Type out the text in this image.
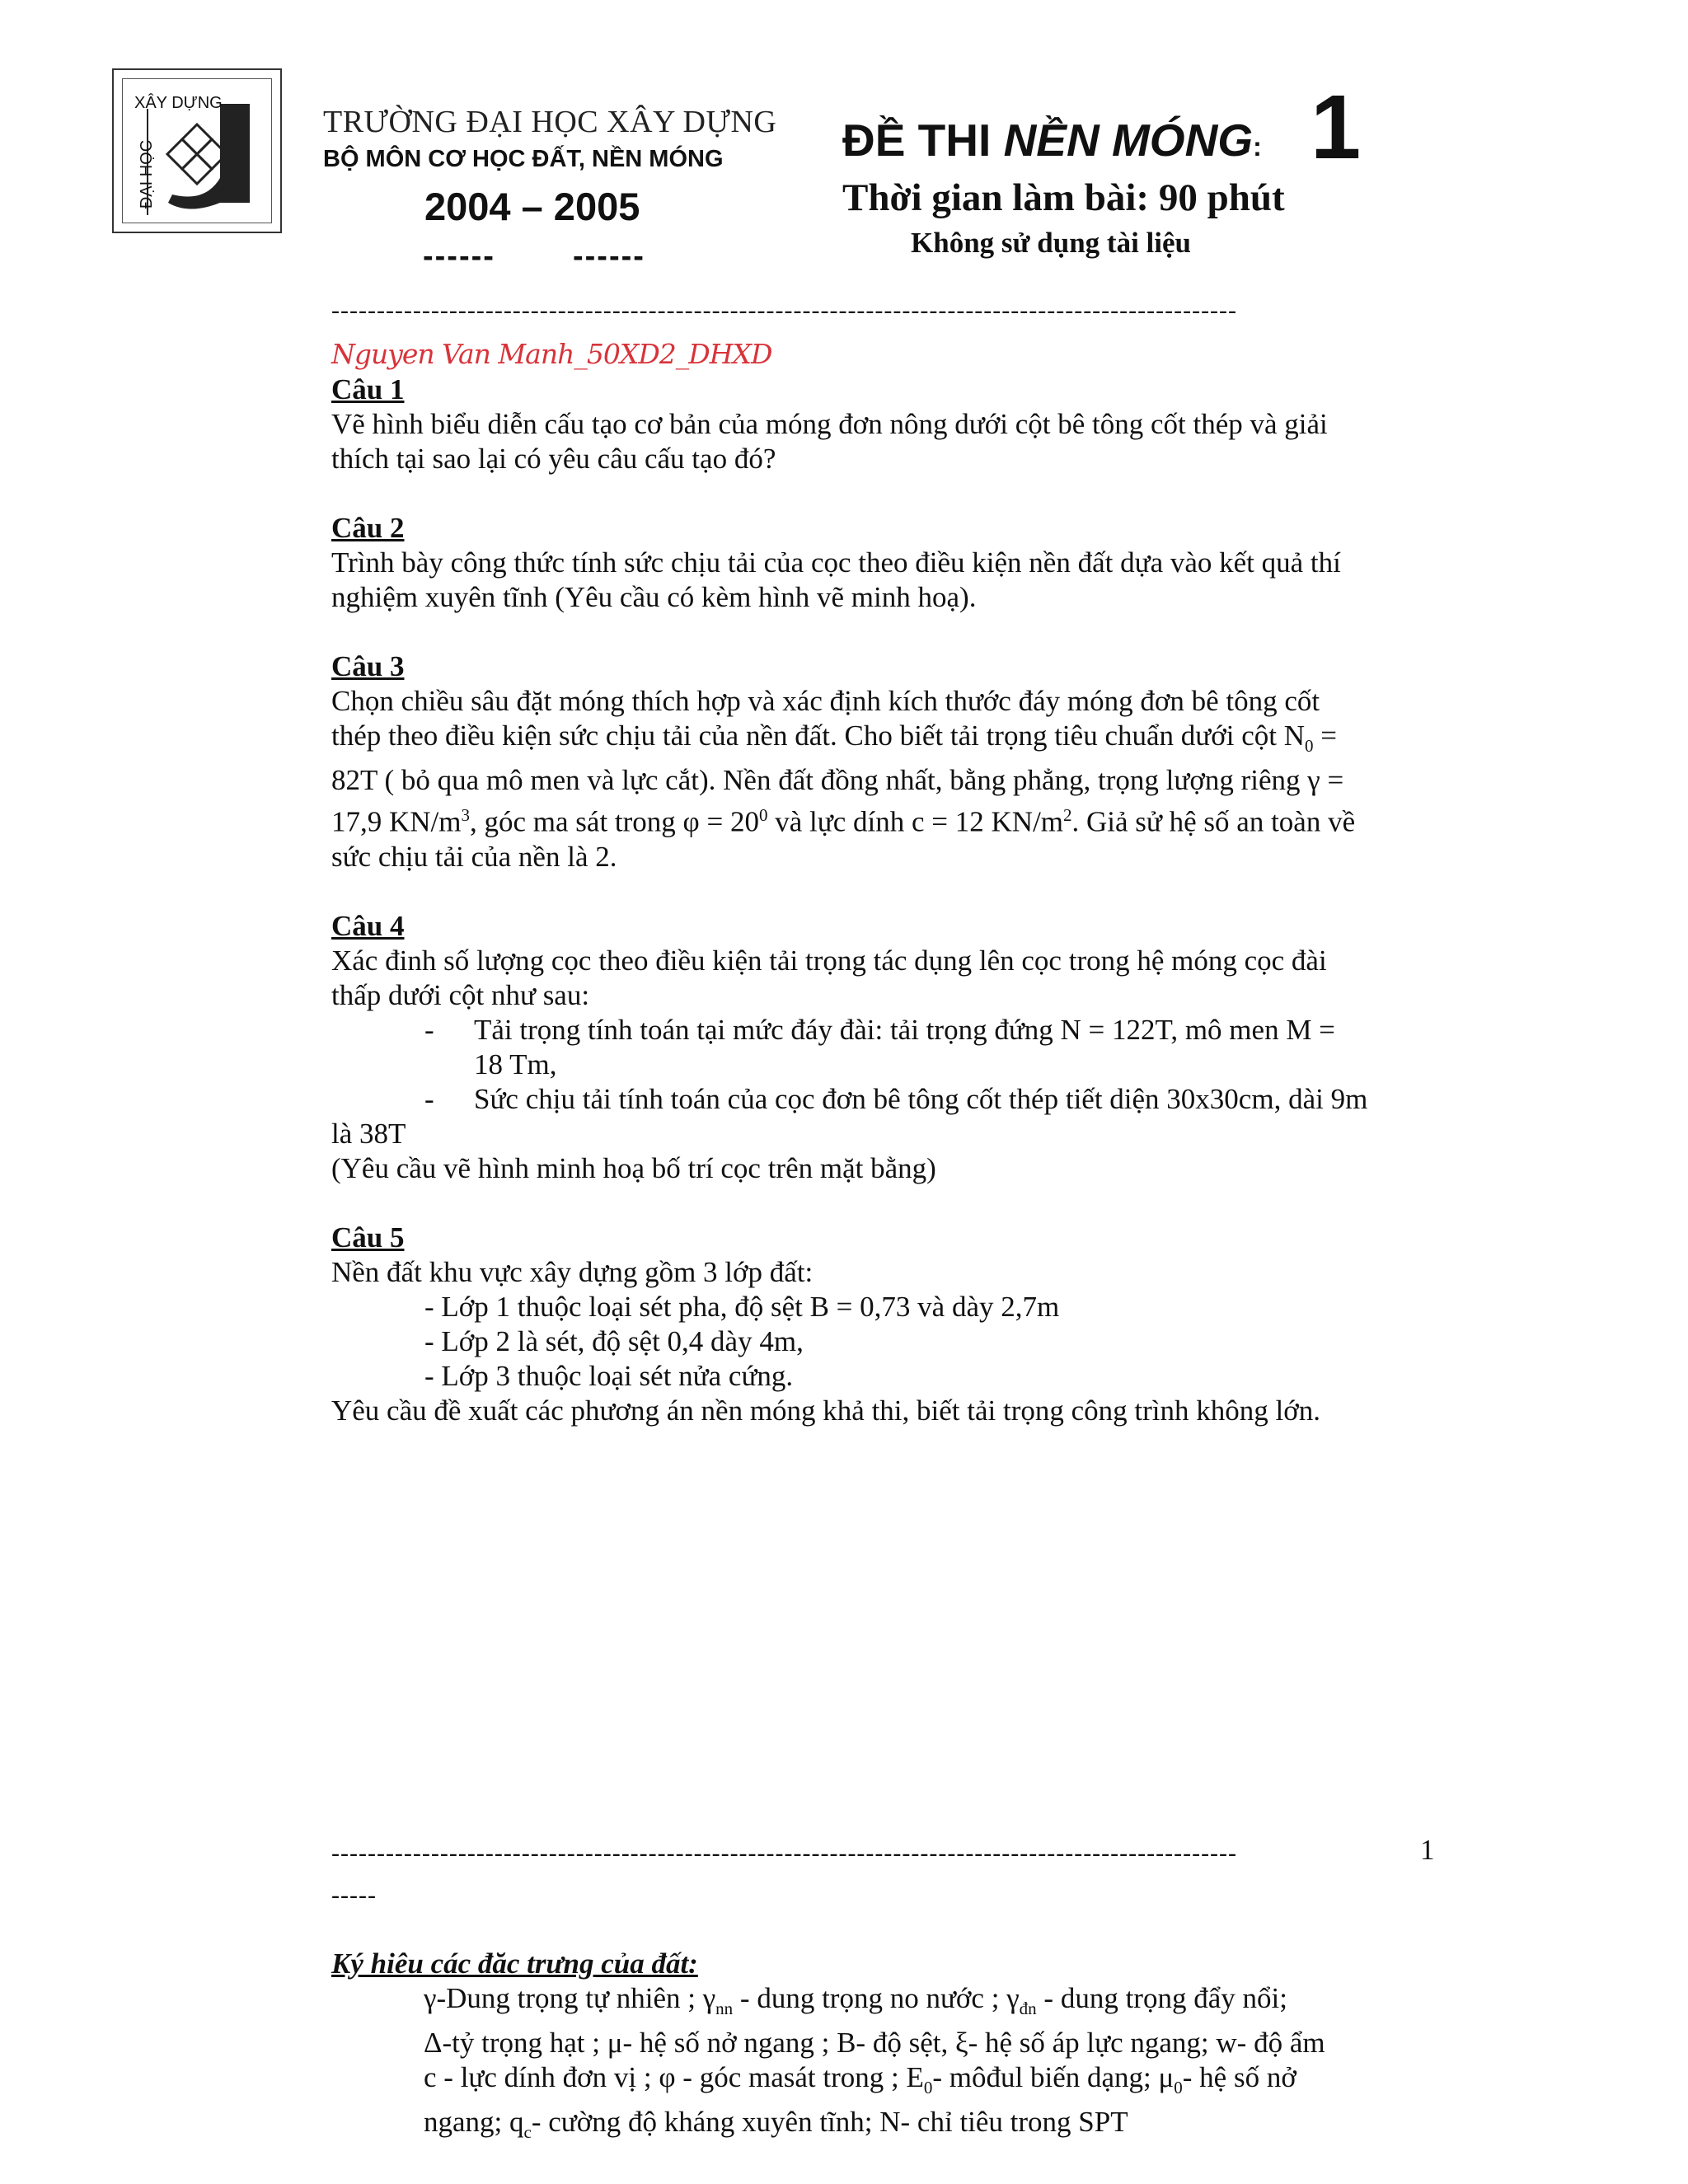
XÂY DỰNG
ĐẠI HỌC
TRƯỜNG ĐẠI HỌC XÂY DỰNG
BỘ MÔN CƠ HỌC ĐẤT, NỀN MÓNG
2004 – 2005
------ ------
ĐỀ THI NỀN MÓNG: 1
Thời gian làm bài: 90 phút
Không sử dụng tài liệu
----------------------------------------------------------------------------------------------------
Nguyen Van Manh_50XD2_DHXD

Câu 1

Vẽ hình biểu diễn cấu tạo cơ bản của móng đơn nông dưới cột bê tông cốt thép và giải

thích tại sao lại có yêu câu cấu tạo đó?

Câu 2

Trình bày công thức tính sức chịu tải của cọc theo điều kiện nền đất dựa vào kết quả thí

nghiệm xuyên tĩnh (Yêu cầu có kèm hình vẽ minh hoạ).

Câu 3

Chọn chiều sâu đặt móng thích hợp và xác định kích thước đáy móng đơn bê tông cốt

thép theo điều kiện sức chịu tải của nền đất. Cho biết tải trọng tiêu chuẩn dưới cột $N_0$ =

82T ( bỏ qua mô men và lực cắt). Nền đất đồng nhất, bằng phẳng, trọng lượng riêng γ =

17,9 $KN/m^3$, góc ma sát trong $\varphi = 20^0$ và lực dính c = 12 $KN/m^2$. Giả sử hệ số an toàn về

sức chịu tải của nền là 2.

Câu 4

Xác đinh số lượng cọc theo điều kiện tải trọng tác dụng lên cọc trong hệ móng cọc đài

thấp dưới cột như sau:

-	Tải trọng tính toán tại mức đáy đài: tải trọng đứng N = 122T, mô men M =

18 Tm,

-	Sức chịu tải tính toán của cọc đơn bê tông cốt thép tiết diện 30x30cm, dài 9m

là 38T

(Yêu cầu vẽ hình minh hoạ bố trí cọc trên mặt bằng)

Câu 5

Nền đất khu vực xây dựng gồm 3 lớp đất:

- Lớp 1 thuộc loại sét pha, độ sệt B = 0,73 và dày 2,7m

- Lớp 2 là sét, độ sệt 0,4 dày 4m,

- Lớp 3 thuộc loại sét nửa cứng.

Yêu cầu đề xuất các phương án nền móng khả thi, biết tải trọng công trình không lớn.

----------------------------------------------------------------------------------------------------	1
-----
Ký hiêu các đăc trưng của đất:

γ-Dung trọng tự nhiên ; $\gamma_{nn}$ - dung trọng no nước ; $\gamma_{đn}$ - dung trọng đẩy nổi;

Δ-tỷ trọng hạt ; μ- hệ số nở ngang ; B- độ sệt, ξ- hệ số áp lực ngang; w- độ ẩm

c - lực dính đơn vị ; φ - góc masát trong ; $E_0-$ môđul biến dạng; $\mu_0-$ hệ số nở

ngang; $q_c-$ cường độ kháng xuyên tĩnh; N- chỉ tiêu trong SPT
